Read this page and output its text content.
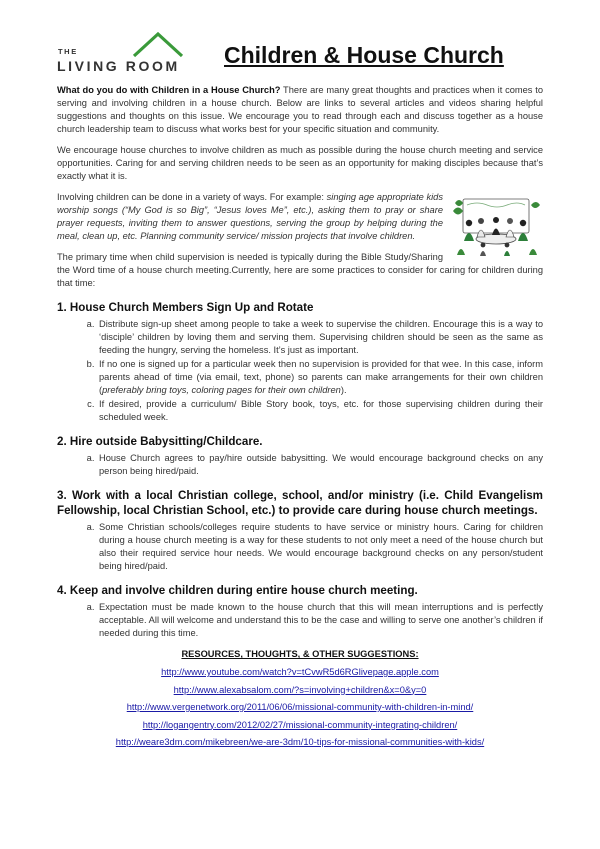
THE
LIVING ROOM Children & House Church

What do you do with Children in a House Church? There are many great thoughts and practices when it comes to serving and involving children in a house church. Below are links to several articles and videos sharing helpful suggestions and thoughts on this issue. We encourage you to read through each and discuss together as a house church leadership team to discuss what works best for your specific situation and community.

We encourage house churches to involve children as much as possible during the house church meeting and service opportunities. Caring for and serving children needs to be seen as an opportunity for making disciples because that’s exactly what it is.

Involving children can be done in a variety of ways. For example: singing age appropriate kids worship songs (“My God is so Big”, “Jesus loves Me”, etc.), asking them to pray or share prayer requests, inviting them to answer questions, serving the group by helping during the meal, clean up, etc. Planning community service/ mission projects that involve children.

The primary time when child supervision is needed is typically during the Bible Study/Sharing the Word time of a house church meeting.Currently, here are some practices to consider for caring for children during that time:

1. House Church Members Sign Up and Rotate
a. Distribute sign-up sheet among people to take a week to supervise the children. Encourage this is a way to ‘disciple’ children by loving them and serving them. Supervising children should be seen as the same as feeding the hungry, serving the homeless. It’s just as important.
b. If no one is signed up for a particular week then no supervision is provided for that wee. In this case, inform parents ahead of time (via email, text, phone) so parents can make arrangements for their own children (preferably bring toys, coloring pages for their own children).
c. If desired, provide a curriculum/ Bible Story book, toys, etc. for those supervising children during their scheduled week.
2. Hire outside Babysitting/Childcare.
a. House Church agrees to pay/hire outside babysitting. We would encourage background checks on any person being hired/paid.
3. Work with a local Christian college, school, and/or ministry (i.e. Child Evangelism Fellowship, local Christian School, etc.) to provide care during house church meetings.
a. Some Christian schools/colleges require students to have service or ministry hours. Caring for children during a house church meeting is a way for these students to not only meet a need of the house church but also their required service hour needs. We would encourage background checks on any person/student being hired/paid.
4. Keep and involve children during entire house church meeting.
a. Expectation must be made known to the house church that this will mean interruptions and is perfectly acceptable. All will welcome and understand this to be the case and willing to serve one another’s children if needed during this time.
RESOURCES, THOUGHTS, & OTHER SUGGESTIONS:
http://www.youtube.com/watch?v=tCvwR5d6RGlivepage.apple.com
http://www.alexabsalom.com/?s=involving+children&x=0&y=0
http://www.vergenetwork.org/2011/06/06/missional-community-with-children-in-mind/
http://logangentry.com/2012/02/27/missional-community-integrating-children/
http://weare3dm.com/mikebreen/we-are-3dm/10-tips-for-missional-communities-with-kids/
